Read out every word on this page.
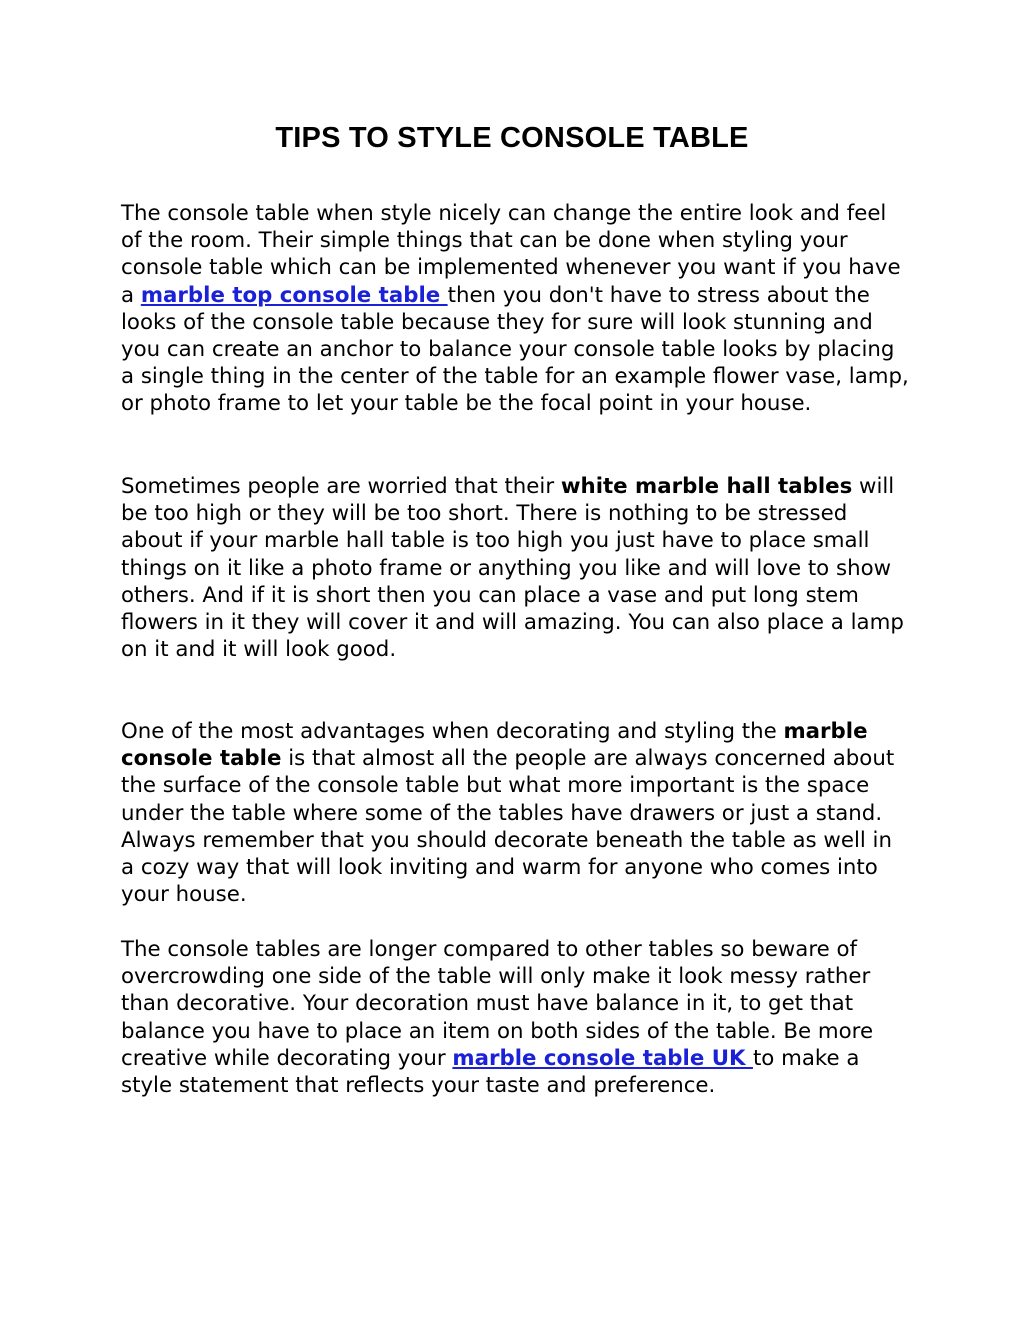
TIPS TO STYLE CONSOLE TABLE

The console table when style nicely can change the entire look and feel of the room. Their simple things that can be done when styling your console table which can be implemented whenever you want if you have a marble top console table then you don't have to stress about the looks of the console table because they for sure will look stunning and you can create an anchor to balance your console table looks by placing a single thing in the center of the table for an example flower vase, lamp, or photo frame to let your table be the focal point in your house.

Sometimes people are worried that their white marble hall tables will be too high or they will be too short. There is nothing to be stressed about if your marble hall table is too high you just have to place small things on it like a photo frame or anything you like and will love to show others. And if it is short then you can place a vase and put long stem flowers in it they will cover it and will amazing. You can also place a lamp on it and it will look good.

One of the most advantages when decorating and styling the marble console table is that almost all the people are always concerned about the surface of the console table but what more important is the space under the table where some of the tables have drawers or just a stand. Always remember that you should decorate beneath the table as well in a cozy way that will look inviting and warm for anyone who comes into your house.

The console tables are longer compared to other tables so beware of overcrowding one side of the table will only make it look messy rather than decorative. Your decoration must have balance in it, to get that balance you have to place an item on both sides of the table. Be more creative while decorating your marble console table UK to make a style statement that reflects your taste and preference.
